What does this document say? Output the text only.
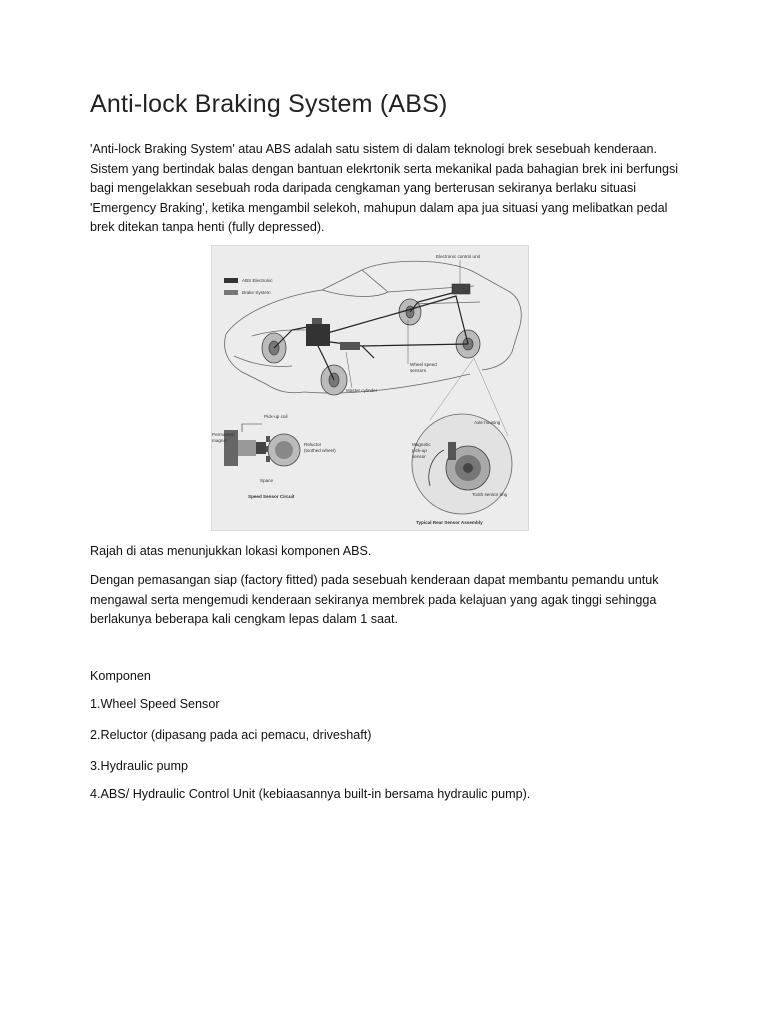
Anti-lock Braking System (ABS)

'Anti-lock Braking System' atau ABS adalah satu sistem di dalam teknologi brek sesebuah kenderaan. Sistem yang bertindak balas dengan bantuan elekrtonik serta mekanikal pada bahagian brek ini berfungsi bagi mengelakkan sesebuah roda daripada cengkaman yang berterusan sekiranya berlaku situasi 'Emergency Braking', ketika mengambil selekoh, mahupun dalam apa jua situasi yang melibatkan pedal brek ditekan tanpa henti (fully depressed).

ABS Electronic
Brake System
Electronic control unit
Wheel speed
sensors
Master cylinder
Pick-up coil
Permanent
magnet
Reluctor
(toothed wheel)
Space
Speed Sensor Circuit
Axle housing
Magnetic
pick-up
sensor
Tooth sensor ring
Typical Rear Sensor Assembly

Rajah di atas menunjukkan lokasi komponen ABS.

Dengan pemasangan siap (factory fitted) pada sesebuah kenderaan dapat membantu pemandu untuk mengawal serta mengemudi kenderaan sekiranya membrek pada kelajuan yang agak tinggi sehingga berlakunya beberapa kali cengkam lepas dalam 1 saat.

Komponen

1.Wheel Speed Sensor

2.Reluctor (dipasang pada aci pemacu, driveshaft)

3.Hydraulic pump

4.ABS/ Hydraulic Control Unit (kebiaasannya built-in bersama hydraulic pump).
